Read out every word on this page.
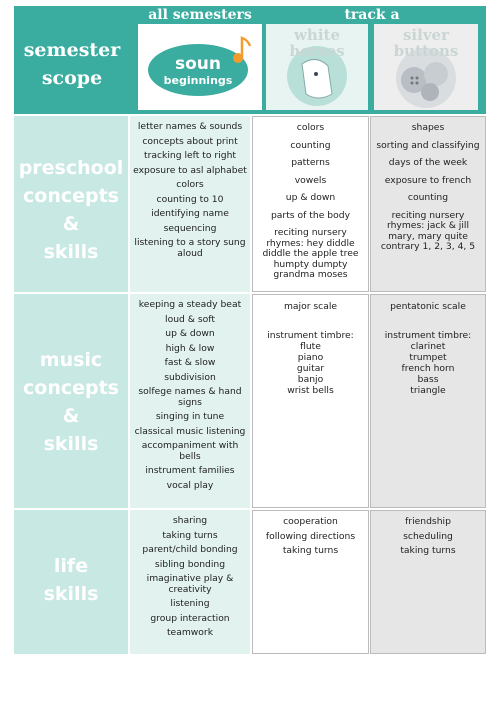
semester
scope
all semesters	track a
soun
beginnings
white
horses
silver
buttons
preschool
concepts
&
skills
letter names & sounds
concepts about print
tracking left to right
exposure to asl alphabet
colors
counting to 10
identifying name
sequencing
listening to a story sung aloud
colors
counting
patterns
vowels
up & down
parts of the body
reciting nursery rhymes: hey diddle diddle the apple tree humpty dumpty grandma moses
shapes
sorting and classifying
days of the week
exposure to french
counting
reciting nursery rhymes: jack & jill mary, mary quite contrary 1, 2, 3, 4, 5
music
concepts
&
skills
keeping a steady beat
loud & soft
up & down
high & low
fast & slow
subdivision
solfege names & hand signs
singing in tune
classical music listening
accompaniment with bells
instrument families
vocal play
major scale
instrument timbre:
flute
piano
guitar
banjo
wrist bells
pentatonic scale
instrument timbre:
clarinet
trumpet
french horn
bass
triangle
life
skills
sharing
taking turns
parent/child bonding
sibling bonding
imaginative play & creativity
listening
group interaction
teamwork
cooperation
following directions
taking turns
friendship
scheduling
taking turns
